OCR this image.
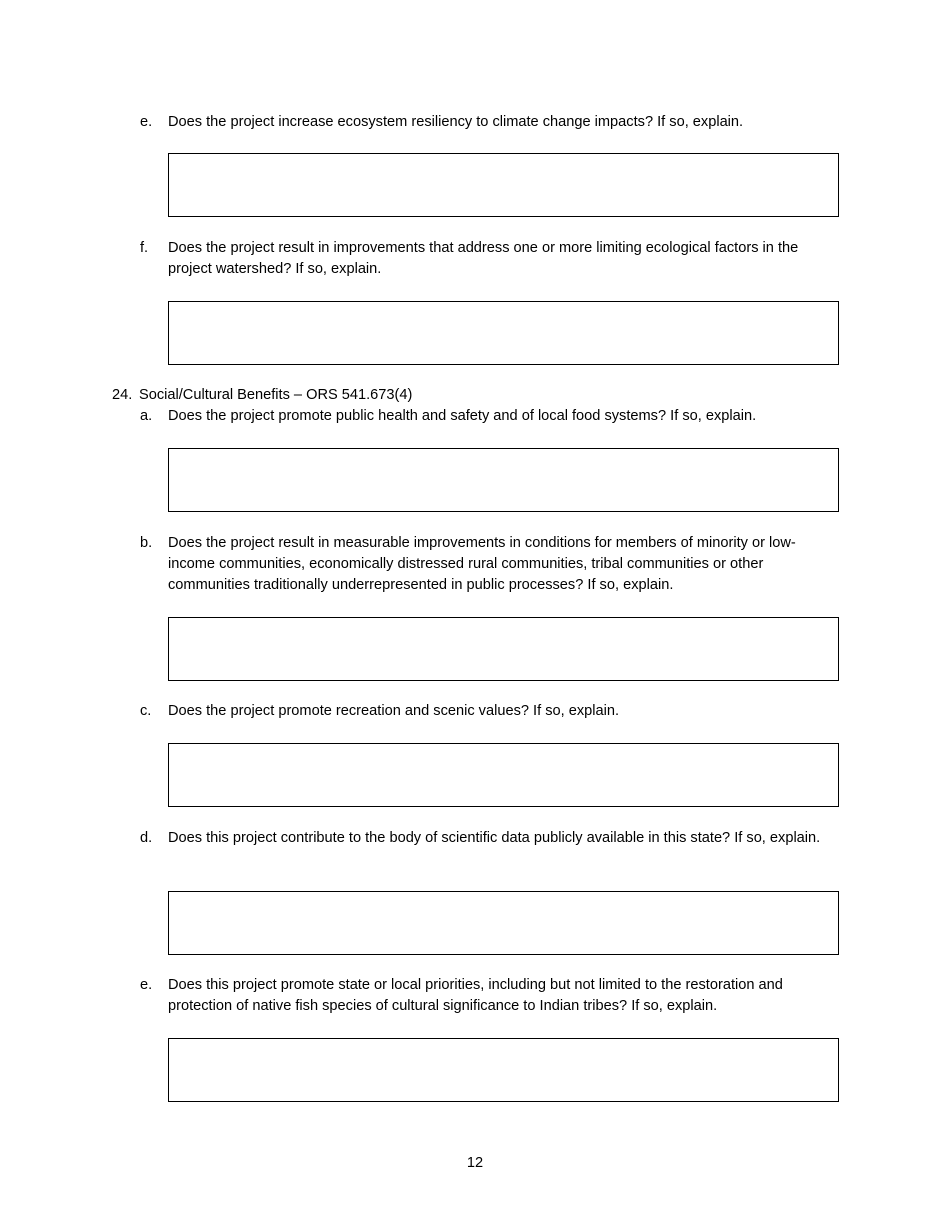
e. Does the project increase ecosystem resiliency to climate change impacts? If so, explain.
f. Does the project result in improvements that address one or more limiting ecological factors in the project watershed? If so, explain.
24. Social/Cultural Benefits – ORS 541.673(4)
a. Does the project promote public health and safety and of local food systems? If so, explain.
b. Does the project result in measurable improvements in conditions for members of minority or low-income communities, economically distressed rural communities, tribal communities or other communities traditionally underrepresented in public processes? If so, explain.
c. Does the project promote recreation and scenic values? If so, explain.
d. Does this project contribute to the body of scientific data publicly available in this state? If so, explain.
e. Does this project promote state or local priorities, including but not limited to the restoration and protection of native fish species of cultural significance to Indian tribes? If so, explain.
12
